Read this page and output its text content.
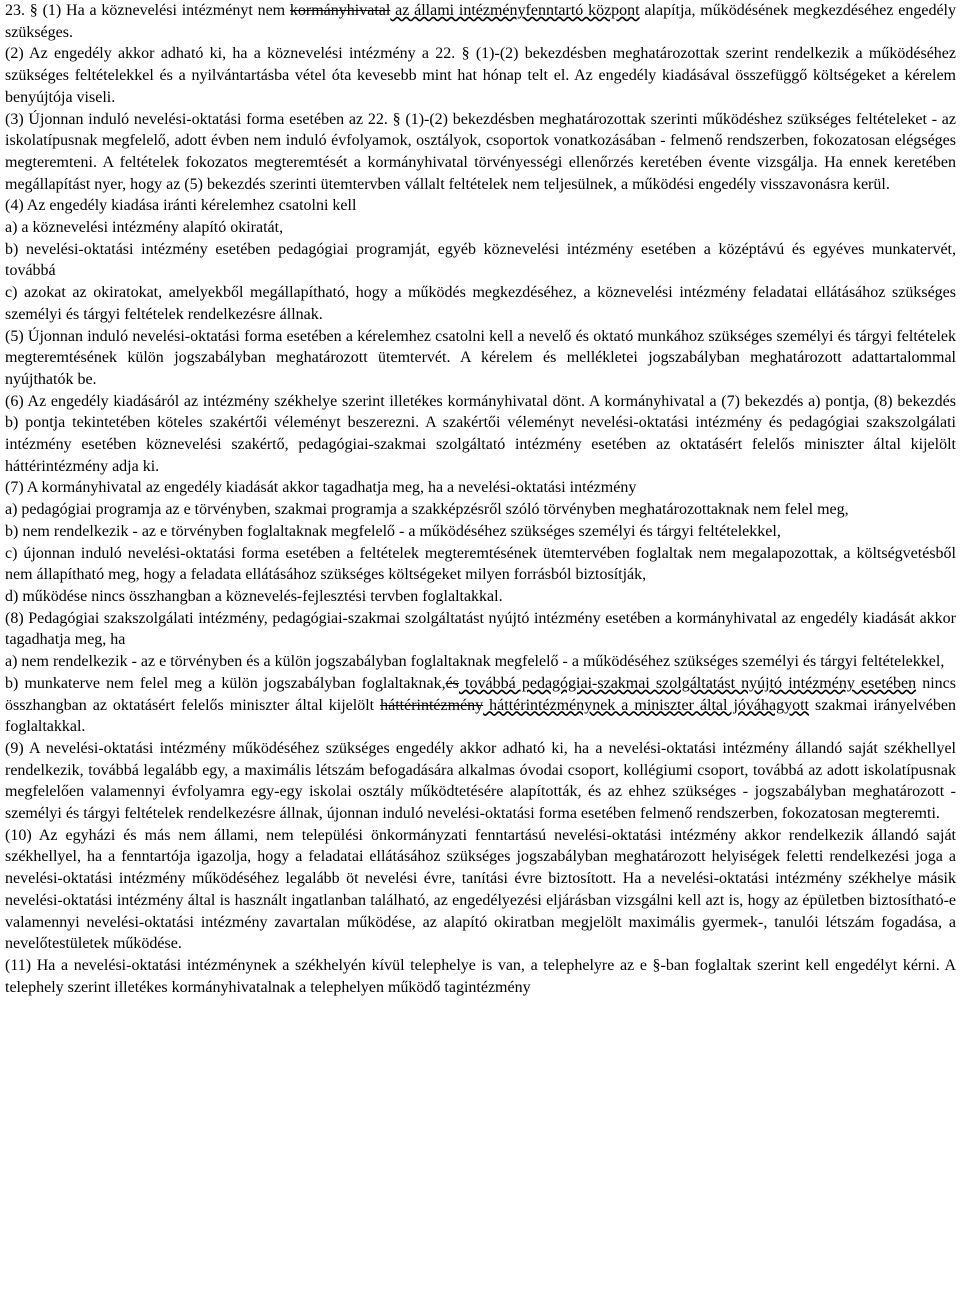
23. § (1) Ha a köznevelési intézményt nem kormányhivatal az állami intézményfenntartó központ alapítja, működésének megkezdéséhez engedély szükséges.

(2) Az engedély akkor adható ki, ha a köznevelési intézmény a 22. § (1)-(2) bekezdésben meghatározottak szerint rendelkezik a működéséhez szükséges feltételekkel és a nyilvántartásba vétel óta kevesebb mint hat hónap telt el. Az engedély kiadásával összefüggő költségeket a kérelem benyújtója viseli.

(3) Újonnan induló nevelési-oktatási forma esetében az 22. § (1)-(2) bekezdésben meghatározottak szerinti működéshez szükséges feltételeket - az iskolatípusnak megfelelő, adott évben nem induló évfolyamok, osztályok, csoportok vonatkozásában - felmenő rendszerben, fokozatosan elégséges megteremteni. A feltételek fokozatos megteremtését a kormányhivatal törvényességi ellenőrzés keretében évente vizsgálja. Ha ennek keretében megállapítást nyer, hogy az (5) bekezdés szerinti ütemtervben vállalt feltételek nem teljesülnek, a működési engedély visszavonásra kerül.

(4) Az engedély kiadása iránti kérelemhez csatolni kell

a) a köznevelési intézmény alapító okiratát,

b) nevelési-oktatási intézmény esetében pedagógiai programját, egyéb köznevelési intézmény esetében a középtávú és egyéves munkatervét, továbbá

c) azokat az okiratokat, amelyekből megállapítható, hogy a működés megkezdéséhez, a köznevelési intézmény feladatai ellátásához szükséges személyi és tárgyi feltételek rendelkezésre állnak.

(5) Újonnan induló nevelési-oktatási forma esetében a kérelemhez csatolni kell a nevelő és oktató munkához szükséges személyi és tárgyi feltételek megteremtésének külön jogszabályban meghatározott ütemtervét. A kérelem és mellékletei jogszabályban meghatározott adattartalommal nyújthatók be.

(6) Az engedély kiadásáról az intézmény székhelye szerint illetékes kormányhivatal dönt. A kormányhivatal a (7) bekezdés a) pontja, (8) bekezdés b) pontja tekintetében köteles szakértői véleményt beszerezni. A szakértői véleményt nevelési-oktatási intézmény és pedagógiai szakszolgálati intézmény esetében köznevelési szakértő, pedagógiai-szakmai szolgáltató intézmény esetében az oktatásért felelős miniszter által kijelölt háttérintézmény adja ki.

(7) A kormányhivatal az engedély kiadását akkor tagadhatja meg, ha a nevelési-oktatási intézmény

a) pedagógiai programja az e törvényben, szakmai programja a szakképzésről szóló törvényben meghatározottaknak nem felel meg,

b) nem rendelkezik - az e törvényben foglaltaknak megfelelő - a működéséhez szükséges személyi és tárgyi feltételekkel,

c) újonnan induló nevelési-oktatási forma esetében a feltételek megteremtésének ütemtervében foglaltak nem megalapozottak, a költségvetésből nem állapítható meg, hogy a feladata ellátásához szükséges költségeket milyen forrásból biztosítják,

d) működése nincs összhangban a köznevelés-fejlesztési tervben foglaltakkal.

(8) Pedagógiai szakszolgálati intézmény, pedagógiai-szakmai szolgáltatást nyújtó intézmény esetében a kormányhivatal az engedély kiadását akkor tagadhatja meg, ha

a) nem rendelkezik - az e törvényben és a külön jogszabályban foglaltaknak megfelelő - a működéséhez szükséges személyi és tárgyi feltételekkel,

b) munkaterve nem felel meg a külön jogszabályban foglaltaknak,és továbbá pedagógiai-szakmai szolgáltatást nyújtó intézmény esetében nincs összhangban az oktatásért felelős miniszter által kijelölt háttérintézmény háttérintézménynek a miniszter által jóváhagyott szakmai irányelvében foglaltakkal.

(9) A nevelési-oktatási intézmény működéséhez szükséges engedély akkor adható ki, ha a nevelési-oktatási intézmény állandó saját székhellyel rendelkezik, továbbá legalább egy, a maximális létszám befogadására alkalmas óvodai csoport, kollégiumi csoport, továbbá az adott iskolatípusnak megfelelően valamennyi évfolyamra egy-egy iskolai osztály működtetésére alapították, és az ehhez szükséges - jogszabályban meghatározott - személyi és tárgyi feltételek rendelkezésre állnak, újonnan induló nevelési-oktatási forma esetében felmenő rendszerben, fokozatosan megteremti.

(10) Az egyházi és más nem állami, nem települési önkormányzati fenntartású nevelési-oktatási intézmény akkor rendelkezik állandó saját székhellyel, ha a fenntartója igazolja, hogy a feladatai ellátásához szükséges jogszabályban meghatározott helyiségek feletti rendelkezési joga a nevelési-oktatási intézmény működéséhez legalább öt nevelési évre, tanítási évre biztosított. Ha a nevelési-oktatási intézmény székhelye másik nevelési-oktatási intézmény által is használt ingatlanban található, az engedélyezési eljárásban vizsgálni kell azt is, hogy az épületben biztosítható-e valamennyi nevelési-oktatási intézmény zavartalan működése, az alapító okiratban megjelölt maximális gyermek-, tanulói létszám fogadása, a nevelőtestületek működése.

(11) Ha a nevelési-oktatási intézménynek a székhelyén kívül telephelye is van, a telephelyre az e §-ban foglaltak szerint kell engedélyt kérni. A telephely szerint illetékes kormányhivatalnak a telephelyen működő tagintézmény
